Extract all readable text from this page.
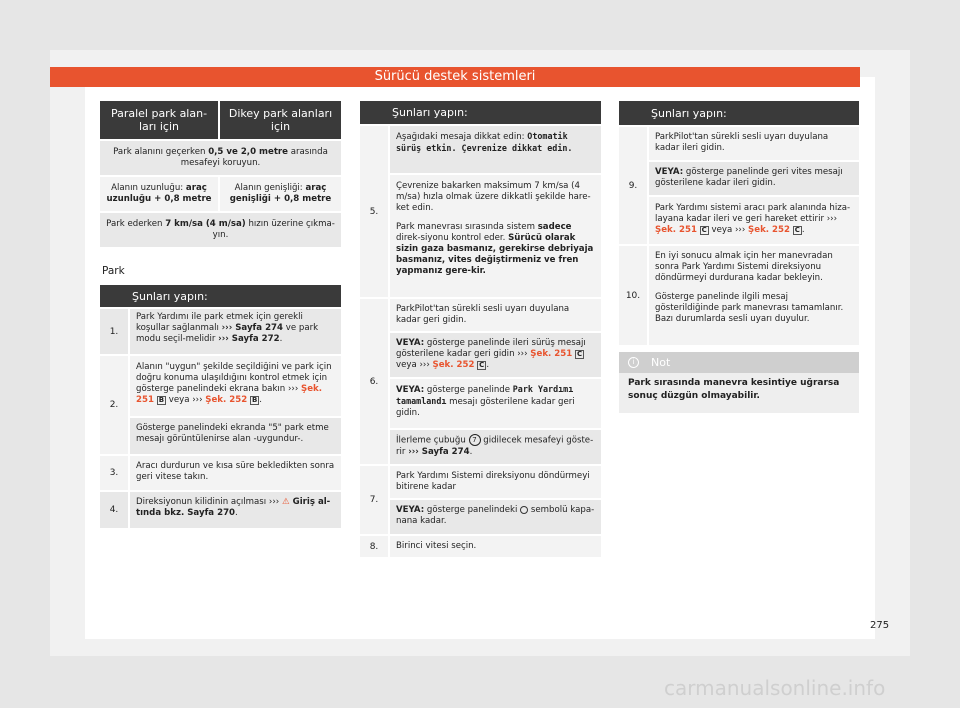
Sürücü destek sistemleri
Paralel park alan-ları için
Dikey park alanları için
Park alanını geçerken 0,5 ve 2,0 metre arasında mesafeyi koruyun.
Alanın uzunluğu: araç uzunluğu + 0,8 metre
Alanın genişliği: araç genişliği + 0,8 metre
Park ederken 7 km/sa (4 m/sa) hızın üzerine çıkma-yın.
Park
Şunları yapın:
1.
Park Yardımı ile park etmek için gerekli koşullar sağlanmalı ››› Sayfa 274 ve park modu seçil-melidir ››› Sayfa 272.
2.
Alanın "uygun" şekilde seçildiğini ve park için doğru konuma ulaşıldığını kontrol etmek için gösterge panelindeki ekrana bakın ››› Şek. 251 B veya ››› Şek. 252 B .
Gösterge panelindeki ekranda "5" park etme mesajı görüntülenirse alan -uygundur-.
3.
Aracı durdurun ve kısa süre bekledikten sonra geri vitese takın.
4.
Direksiyonun kilidinin açılması ››› ⚠ Giriş al-tında bkz. Sayfa 270.
Şunları yapın:
5.
Aşağıdaki mesaja dikkat edin: Otomatik sürüş etkin. Çevrenize dikkat edin.
Çevrenize bakarken maksimum 7 km/sa (4 m/sa) hızla olmak üzere dikkatli şekilde hare-ket edin.
Park manevrası sırasında sistem sadece direk-siyonu kontrol eder. Sürücü olarak sizin gaza basmanız, gerekirse debriyaja basmanız, vites değiştirmeniz ve fren yapmanız gere-kir.
6.
ParkPilot'tan sürekli sesli uyarı duyulana kadar geri gidin.
VEYA: gösterge panelinde ileri sürüş mesajı gösterilene kadar geri gidin ››› Şek. 251 C
veya ››› Şek. 252 C .
VEYA: gösterge panelinde Park Yardımı tamamlandı mesajı gösterilene kadar geri gidin.
İlerleme çubuğu 7 gidilecek mesafeyi göste-rir ››› Sayfa 274.
7.
Park Yardımı Sistemi direksiyonu döndürmeyi bitirene kadar
VEYA: gösterge panelindeki  sembolü kapa-nana kadar.
8.	Birinci vitesi seçin.
Şunları yapın:
9.
ParkPilot'tan sürekli sesli uyarı duyulana kadar ileri gidin.
VEYA: gösterge panelinde geri vites mesajı gösterilene kadar ileri gidin.
Park Yardımı sistemi aracı park alanında hiza-layana kadar ileri ve geri hareket ettirir ››› Şek. 251 C veya ››› Şek. 252 C .
10.
En iyi sonucu almak için her manevradan sonra Park Yardımı Sistemi direksiyonu döndürmeyi durdurana kadar bekleyin.
Gösterge panelinde ilgili mesaj gösterildiğinde park manevrası tamamlanır. Bazı durumlarda sesli uyarı duyulur.
i	Not
Park sırasında manevra kesintiye uğrarsa sonuç düzgün olmayabilir.
275
carmanualsonline.info
